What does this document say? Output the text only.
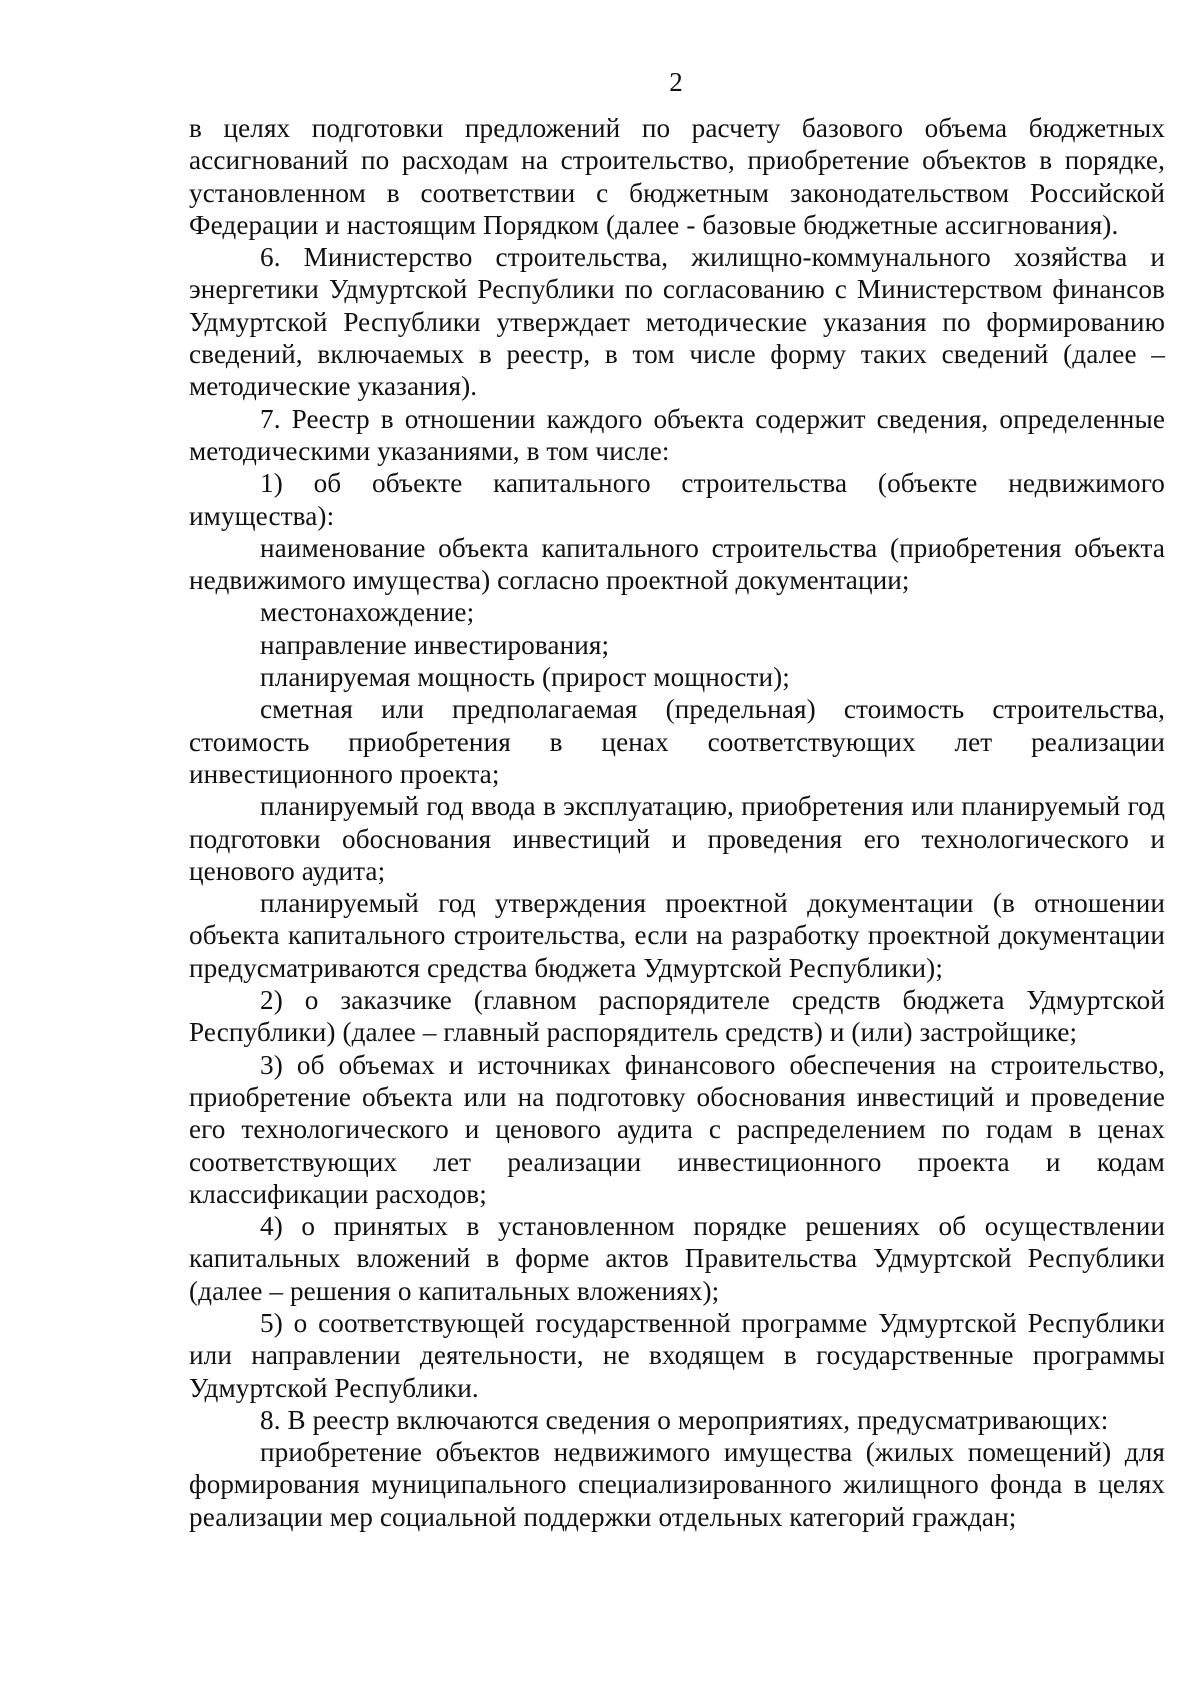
2

в целях подготовки предложений по расчету базового объема бюджетных ассигнований по расходам на строительство, приобретение объектов в порядке, установленном в соответствии с бюджетным законодательством Российской Федерации и настоящим Порядком (далее - базовые бюджетные ассигнования).

6. Министерство строительства, жилищно-коммунального хозяйства и энергетики Удмуртской Республики по согласованию с Министерством финансов Удмуртской Республики утверждает методические указания по формированию сведений, включаемых в реестр, в том числе форму таких сведений (далее – методические указания).

7. Реестр в отношении каждого объекта содержит сведения, определенные методическими указаниями, в том числе:

1) об объекте капитального строительства (объекте недвижимого имущества):

наименование объекта капитального строительства (приобретения объекта недвижимого имущества) согласно проектной документации;

местонахождение;

направление инвестирования;

планируемая мощность (прирост мощности);

сметная или предполагаемая (предельная) стоимость строительства, стоимость приобретения в ценах соответствующих лет реализации инвестиционного проекта;

планируемый год ввода в эксплуатацию, приобретения или планируемый год подготовки обоснования инвестиций и проведения его технологического и ценового аудита;

планируемый год утверждения проектной документации (в отношении объекта капитального строительства, если на разработку проектной документации предусматриваются средства бюджета Удмуртской Республики);

2) о заказчике (главном распорядителе средств бюджета Удмуртской Республики) (далее – главный распорядитель средств) и (или) застройщике;

3) об объемах и источниках финансового обеспечения на строительство, приобретение объекта или на подготовку обоснования инвестиций и проведение его технологического и ценового аудита с распределением по годам в ценах соответствующих лет реализации инвестиционного проекта и кодам классификации расходов;

4) о принятых в установленном порядке решениях об осуществлении капитальных вложений в форме актов Правительства Удмуртской Республики (далее – решения о капитальных вложениях);

5) о соответствующей государственной программе Удмуртской Республики или направлении деятельности, не входящем в государственные программы Удмуртской Республики.

8. В реестр включаются сведения о мероприятиях, предусматривающих:

приобретение объектов недвижимого имущества (жилых помещений) для формирования муниципального специализированного жилищного фонда в целях реализации мер социальной поддержки отдельных категорий граждан;
